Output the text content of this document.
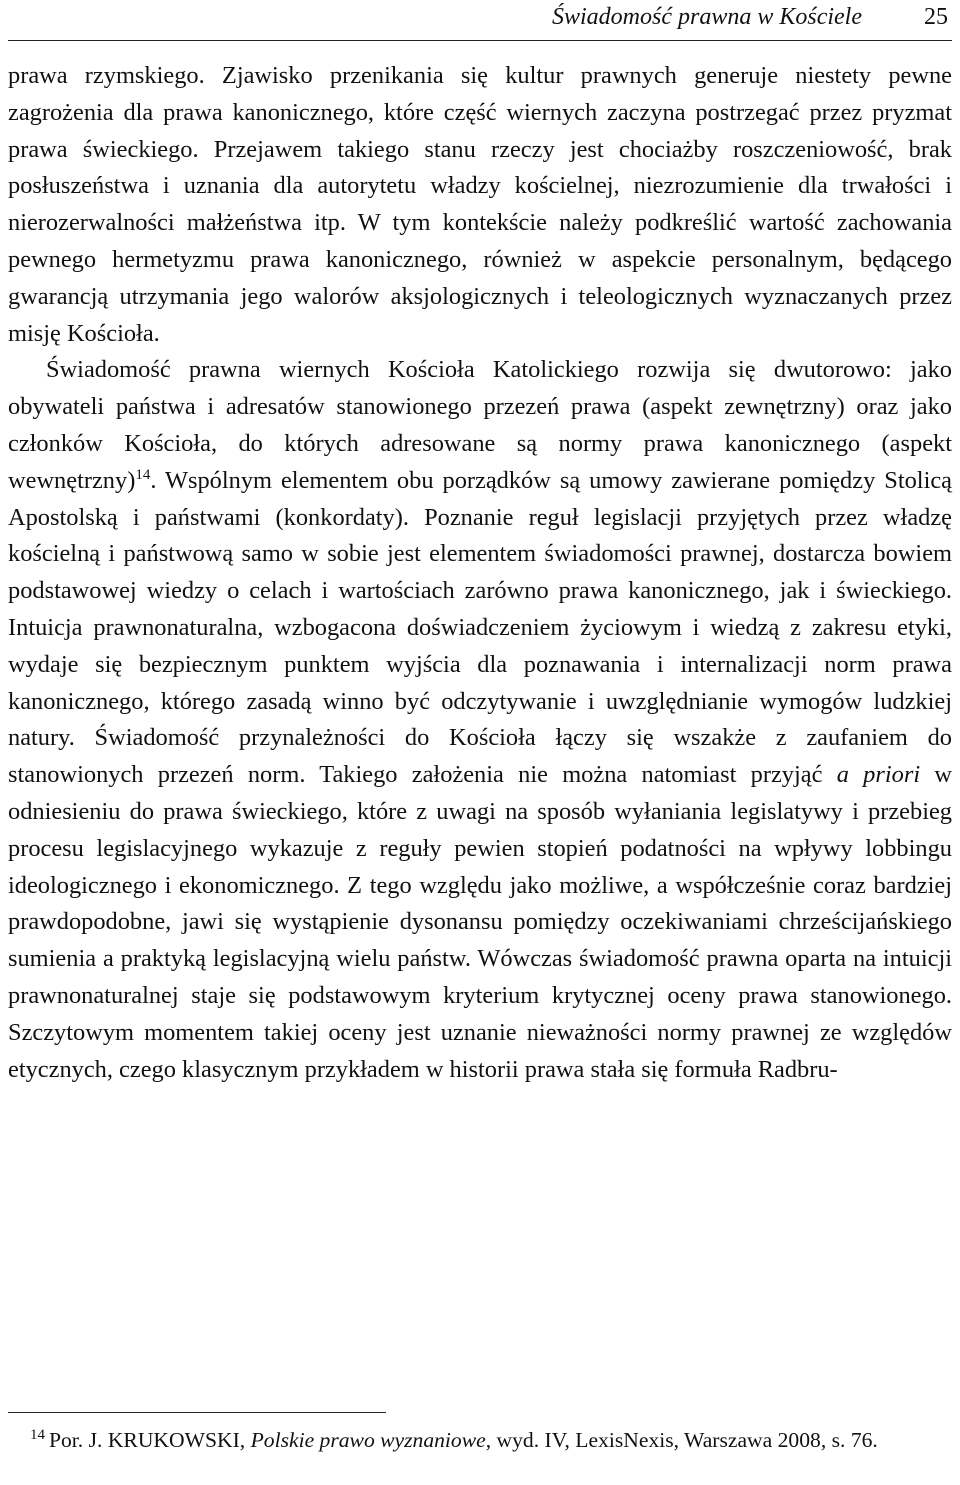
Świadomość prawna w Kościele	25

prawa rzymskiego. Zjawisko przenikania się kultur prawnych generuje niestety pewne zagrożenia dla prawa kanonicznego, które część wiernych zaczyna postrzegać przez pryzmat prawa świeckiego. Przejawem takiego stanu rzeczy jest chociażby roszczeniowość, brak posłuszeństwa i uznania dla autorytetu władzy kościelnej, niezrozumienie dla trwałości i nierozerwalności małżeństwa itp. W tym kontekście należy podkreślić wartość zachowania pewnego hermetyzmu prawa kanonicznego, również w aspekcie personalnym, będącego gwarancją utrzymania jego walorów aksjologicznych i teleologicznych wyznaczanych przez misję Kościoła.

Świadomość prawna wiernych Kościoła Katolickiego rozwija się dwutorowo: jako obywateli państwa i adresatów stanowionego przezeń prawa (aspekt zewnętrzny) oraz jako członków Kościoła, do których adresowane są normy prawa kanonicznego (aspekt wewnętrzny)$^{14}$. Wspólnym elementem obu porządków są umowy zawierane pomiędzy Stolicą Apostolską i państwami (konkordaty). Poznanie reguł legislacji przyjętych przez władzę kościelną i państwową samo w sobie jest elementem świadomości prawnej, dostarcza bowiem podstawowej wiedzy o celach i wartościach zarówno prawa kanonicznego, jak i świeckiego. Intuicja prawnonaturalna, wzbogacona doświadczeniem życiowym i wiedzą z zakresu etyki, wydaje się bezpiecznym punktem wyjścia dla poznawania i internalizacji norm prawa kanonicznego, którego zasadą winno być odczytywanie i uwzględnianie wymogów ludzkiej natury. Świadomość przynależności do Kościoła łączy się wszakże z zaufaniem do stanowionych przezeń norm. Takiego założenia nie można natomiast przyjąć a priori w odniesieniu do prawa świeckiego, które z uwagi na sposób wyłaniania legislatywy i przebieg procesu legislacyjnego wykazuje z reguły pewien stopień podatności na wpływy lobbingu ideologicznego i ekonomicznego. Z tego względu jako możliwe, a współcześnie coraz bardziej prawdopodobne, jawi się wystąpienie dysonansu pomiędzy oczekiwaniami chrześcijańskiego sumienia a praktyką legislacyjną wielu państw. Wówczas świadomość prawna oparta na intuicji prawnonaturalnej staje się podstawowym kryterium krytycznej oceny prawa stanowionego. Szczytowym momentem takiej oceny jest uznanie nieważności normy prawnej ze względów etycznych, czego klasycznym przykładem w historii prawa stała się formuła Radbru-

14 Por. J. KRUKOWSKI, Polskie prawo wyznaniowe, wyd. IV, LexisNexis, Warszawa 2008, s. 76.
